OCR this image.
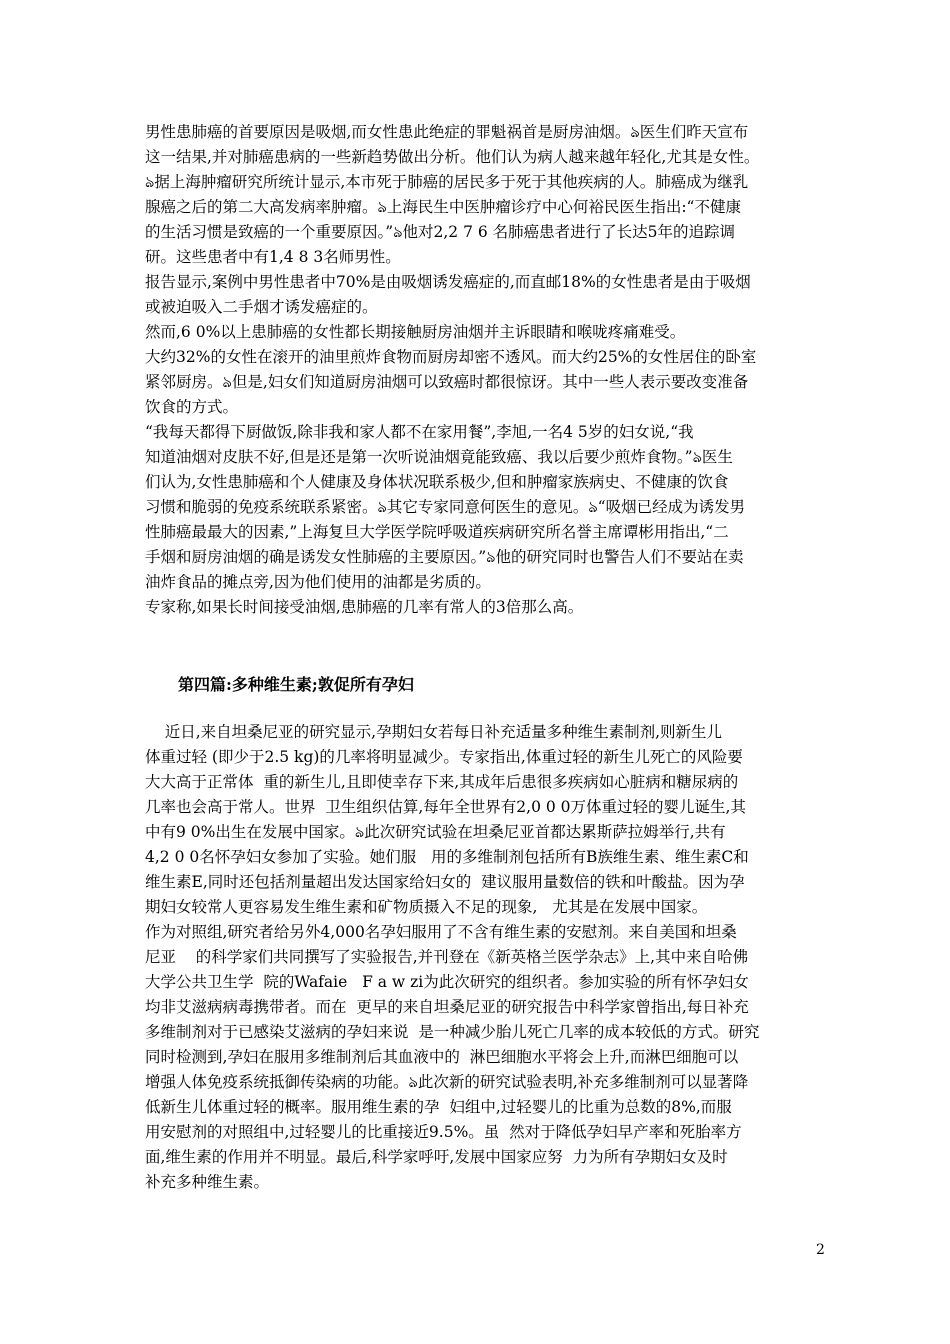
男性患肺癌的首要原因是吸烟,而女性患此绝症的罪魁祸首是厨房油烟。ঌ医生们昨天宣布
这一结果,并对肺癌患病的一些新趋势做出分析。他们认为病人越来越年轻化,尤其是女性。
ঌ据上海肿瘤研究所统计显示,本市死于肺癌的居民多于死于其他疾病的人。肺癌成为继乳
腺癌之后的第二大高发病率肿瘤。ঌ上海民生中医肿瘤诊疗中心何裕民医生指出:“不健康
的生活习惯是致癌的一个重要原因。”ঌ他对2,2 7 6 名肺癌患者进行了长达5年的追踪调
研。这些患者中有1,4 8 3名师男性。
报告显示,案例中男性患者中70%是由吸烟诱发癌症的,而直邮18%的女性患者是由于吸烟
或被迫吸入二手烟才诱发癌症的。
然而,6 0%以上患肺癌的女性都长期接触厨房油烟并主诉眼睛和喉咙疼痛难受。
大约32%的女性在滚开的油里煎炸食物而厨房却密不透风。而大约25%的女性居住的卧室
紧邻厨房。ঌ但是,妇女们知道厨房油烟可以致癌时都很惊讶。其中一些人表示要改变准备
饮食的方式。
“我每天都得下厨做饭,除非我和家人都不在家用餐”,李旭,一名4 5岁的妇女说,“我
知道油烟对皮肤不好,但是还是第一次听说油烟竟能致癌、我以后要少煎炸食物。”ঌ医生
们认为,女性患肺癌和个人健康及身体状况联系极少,但和肿瘤家族病史、不健康的饮食
习惯和脆弱的免疫系统联系紧密。ঌ其它专家同意何医生的意见。ঌ“吸烟已经成为诱发男
性肺癌最最大的因素,”上海复旦大学医学院呼吸道疾病研究所名誉主席谭彬用指出,“二
手烟和厨房油烟的确是诱发女性肺癌的主要原因。”ঌ他的研究同时也警告人们不要站在卖
油炸食品的摊点旁,因为他们使用的油都是劣质的。
专家称,如果长时间接受油烟,患肺癌的几率有常人的3倍那么高。
第四篇:多种维生素;敦促所有孕妇
近日,来自坦桑尼亚的研究显示,孕期妇女若每日补充适量多种维生素制剂,则新生儿
体重过轻 (即少于2.5 kg)的几率将明显减少。专家指出,体重过轻的新生儿死亡的风险要
大大高于正常体  重的新生儿,且即使幸存下来,其成年后患很多疾病如心脏病和糖尿病的
几率也会高于常人。世界  卫生组织估算,每年全世界有2,0 0 0万体重过轻的婴儿诞生,其
中有9 0%出生在发展中国家。ঌ此次研究试验在坦桑尼亚首都达累斯萨拉姆举行,共有
4,2 0 0名怀孕妇女参加了实验。她们服   用的多维制剂包括所有B族维生素、维生素C和
维生素E,同时还包括剂量超出发达国家给妇女的  建议服用量数倍的铁和叶酸盐。因为孕
期妇女较常人更容易发生维生素和矿物质摄入不足的现象,   尤其是在发展中国家。
作为对照组,研究者给另外4,000名孕妇服用了不含有维生素的安慰剂。来自美国和坦桑
尼亚    的科学家们共同撰写了实验报告,并刊登在《新英格兰医学杂志》上,其中来自哈佛
大学公共卫生学  院的Wafaie   F a w zi为此次研究的组织者。参加实验的所有怀孕妇女
均非艾滋病病毒携带者。而在  更早的来自坦桑尼亚的研究报告中科学家曾指出,每日补充
多维制剂对于已感染艾滋病的孕妇来说  是一种减少胎儿死亡几率的成本较低的方式。研究
同时检测到,孕妇在服用多维制剂后其血液中的  淋巴细胞水平将会上升,而淋巴细胞可以
增强人体免疫系统抵御传染病的功能。ঌ此次新的研究试验表明,补充多维制剂可以显著降
低新生儿体重过轻的概率。服用维生素的孕  妇组中,过轻婴儿的比重为总数的8%,而服
用安慰剂的对照组中,过轻婴儿的比重接近9.5%。虽  然对于降低孕妇早产率和死胎率方
面,维生素的作用并不明显。最后,科学家呼吁,发展中国家应努  力为所有孕期妇女及时
补充多种维生素。
2
